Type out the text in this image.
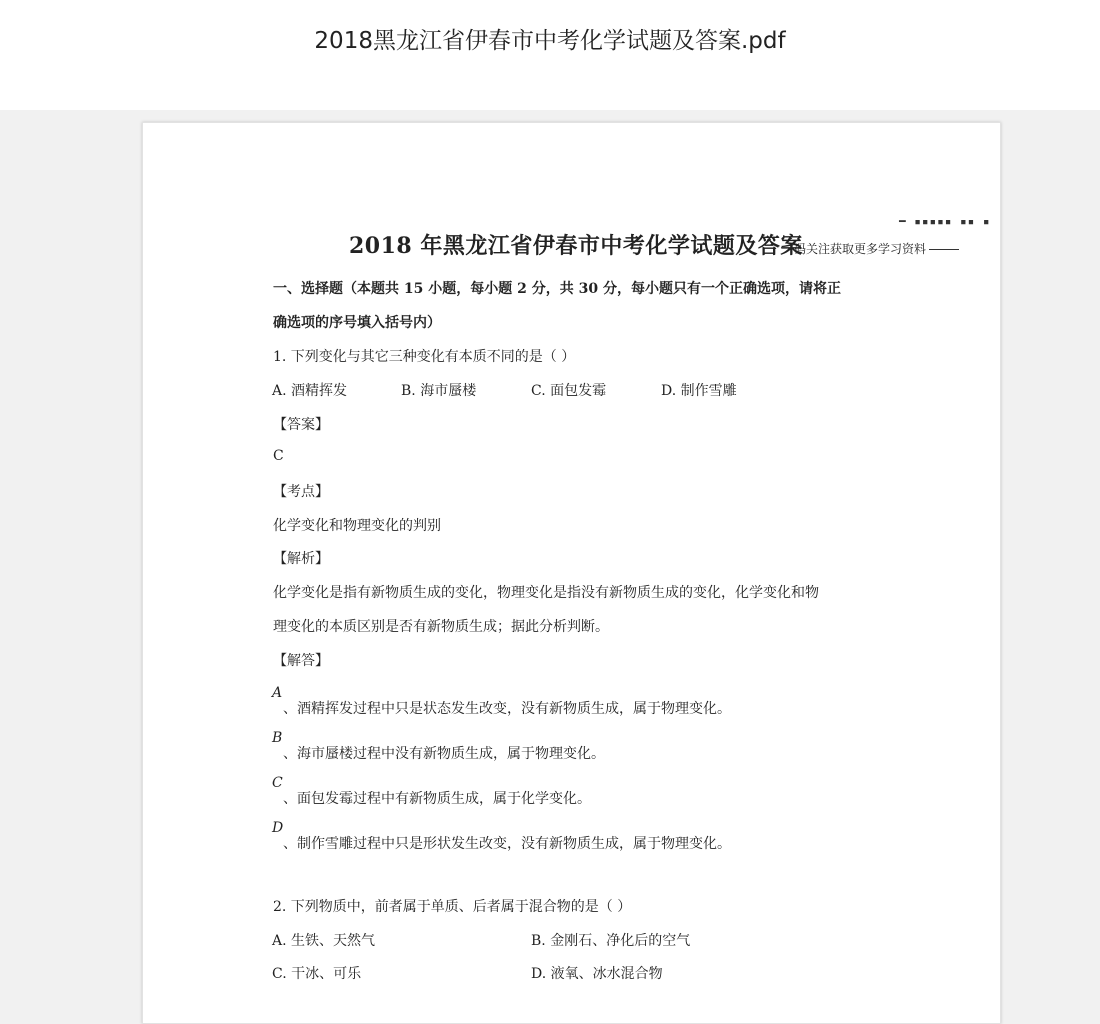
2018黑龙江省伊春市中考化学试题及答案.pdf
━ ▪▪▪▪▪ ▪▪ ▪
2018 年黑龙江省伊春市中考化学试题及答案
码关注获取更多学习资料
一、选择题（本题共 15 小题，每小题 2 分，共 30 分，每小题只有一个正确选项，请将正
确选项的序号填入括号内）
1. 下列变化与其它三种变化有本质不同的是（ ）
A. 酒精挥发	B. 海市蜃楼	C. 面包发霉	D. 制作雪雕
【答案】
C
【考点】
化学变化和物理变化的判别
【解析】
化学变化是指有新物质生成的变化，物理变化是指没有新物质生成的变化，化学变化和物
理变化的本质区别是否有新物质生成；据此分析判断。
【解答】
A
、酒精挥发过程中只是状态发生改变，没有新物质生成，属于物理变化。
B
、海市蜃楼过程中没有新物质生成，属于物理变化。
C
、面包发霉过程中有新物质生成，属于化学变化。
D
、制作雪雕过程中只是形状发生改变，没有新物质生成，属于物理变化。
2. 下列物质中，前者属于单质、后者属于混合物的是（ ）
A. 生铁、天然气	B. 金刚石、净化后的空气
C. 干冰、可乐	D. 液氧、冰水混合物
